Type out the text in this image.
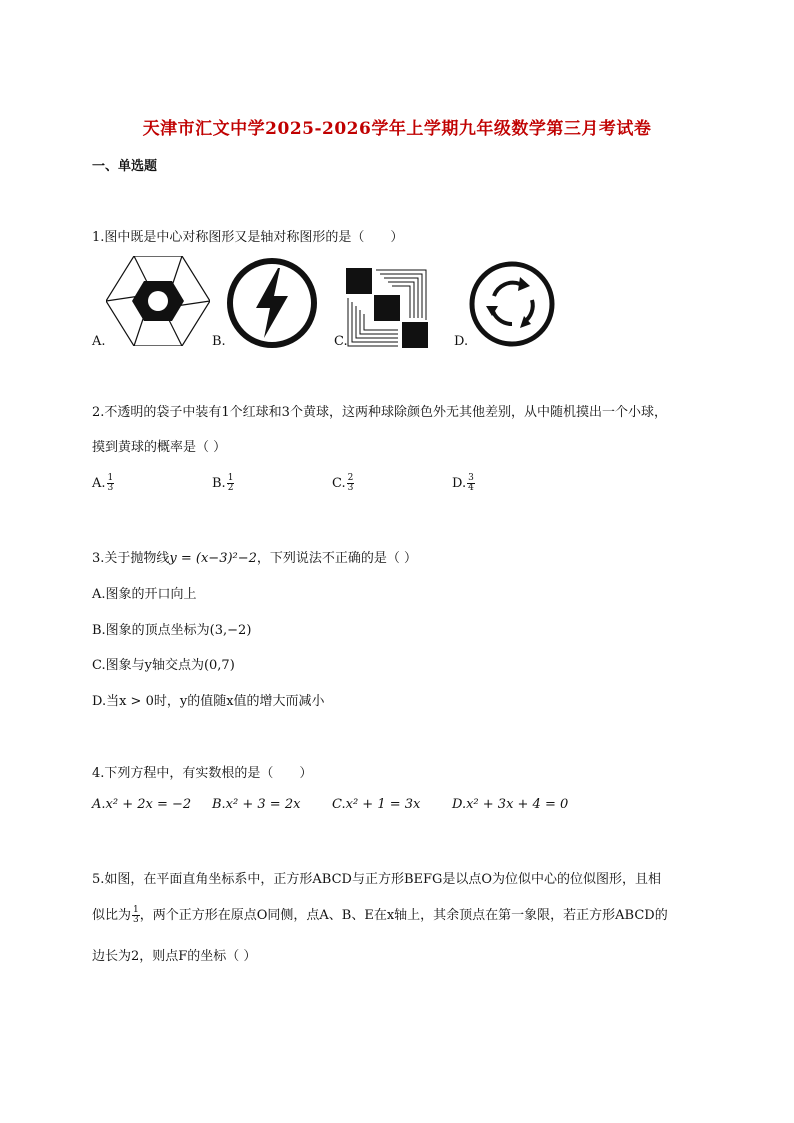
天津市汇文中学2025-2026学年上学期九年级数学第三月考试卷
一、单选题
1.图中既是中心对称图形又是轴对称图形的是（　　）
A.	B.	C.	D.
2.不透明的袋子中装有1个红球和3个黄球，这两种球除颜色外无其他差别，从中随机摸出一个小球，
摸到黄球的概率是（ ）
A. $\frac{1}{3}$	B. $\frac{1}{2}$	C. $\frac{2}{3}$	D. $\frac{3}{4}$
3.关于抛物线y = (x−3)²−2，下列说法不正确的是（ ）
A.图象的开口向上
B.图象的顶点坐标为(3,−2)
C.图象与y轴交点为(0,7)
D.当x > 0时，y的值随x值的增大而减小
4.下列方程中，有实数根的是（　　）
A.x² + 2x = −2 B.x² + 3 = 2x C.x² + 1 = 3x D.x² + 3x + 4 = 0
5.如图，在平面直角坐标系中，正方形ABCD与正方形BEFG是以点O为位似中心的位似图形，且相
似比为 $\frac{1}{3}$ ，两个正方形在原点O同侧，点A、B、E在x轴上，其余顶点在第一象限，若正方形ABCD的
边长为2，则点F的坐标（ ）
